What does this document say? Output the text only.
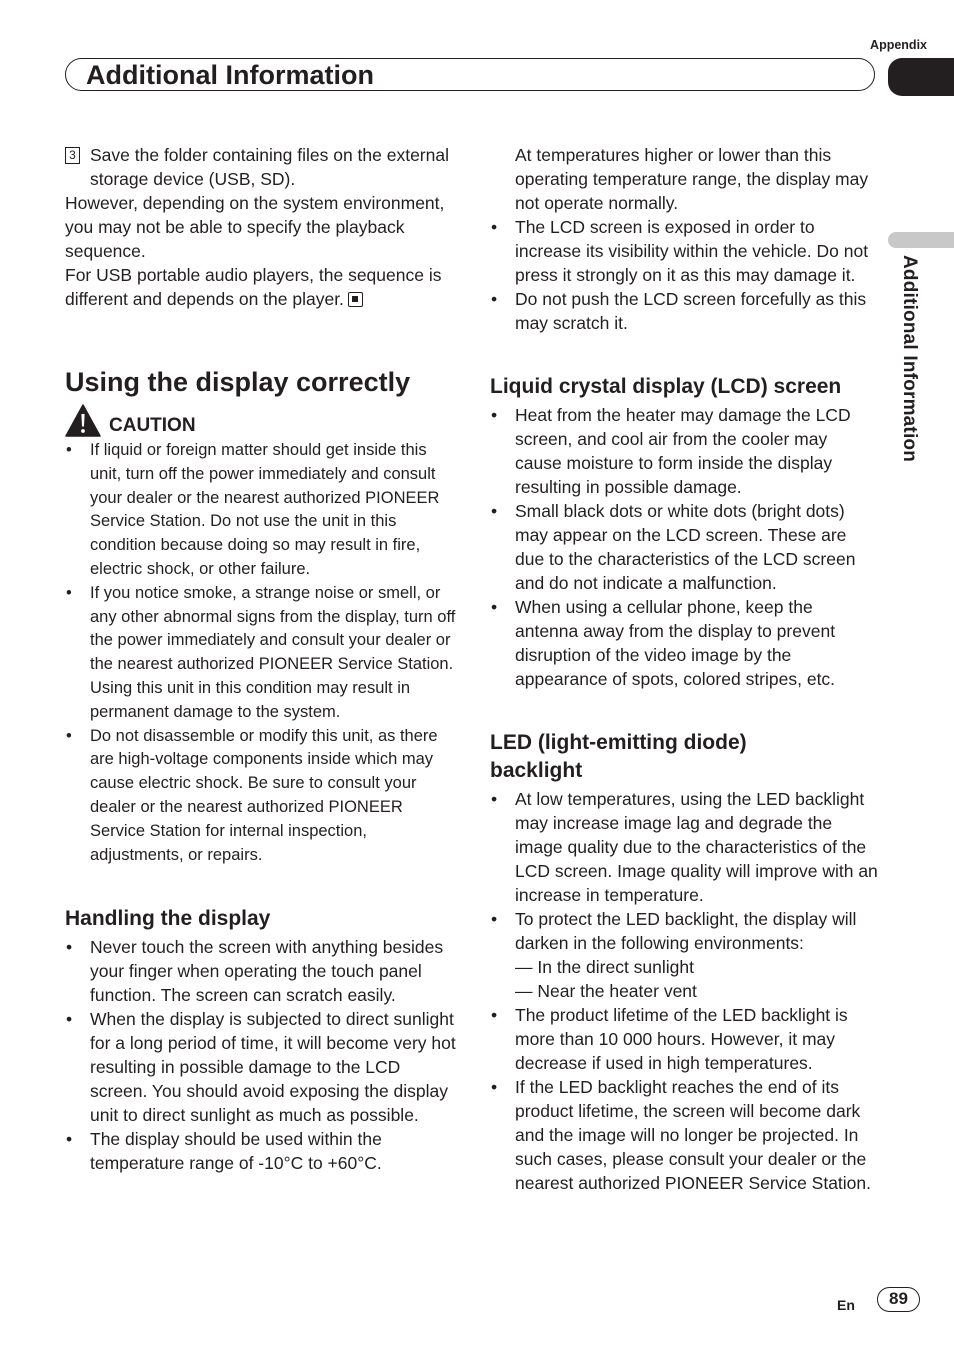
Appendix
Additional Information
Additional Information
3 Save the folder containing files on the external storage device (USB, SD).

However, depending on the system environment, you may not be able to specify the playback sequence.

For USB portable audio players, the sequence is different and depends on the player.

Using the display correctly
CAUTION
• If liquid or foreign matter should get inside this unit, turn off the power immediately and consult your dealer or the nearest authorized PIONEER Service Station. Do not use the unit in this condition because doing so may result in fire, electric shock, or other failure.
• If you notice smoke, a strange noise or smell, or any other abnormal signs from the display, turn off the power immediately and consult your dealer or the nearest authorized PIONEER Service Station. Using this unit in this condition may result in permanent damage to the system.
• Do not disassemble or modify this unit, as there are high-voltage components inside which may cause electric shock. Be sure to consult your dealer or the nearest authorized PIONEER Service Station for internal inspection, adjustments, or repairs.
Handling the display
• Never touch the screen with anything besides your finger when operating the touch panel function. The screen can scratch easily.
• When the display is subjected to direct sunlight for a long period of time, it will become very hot resulting in possible damage to the LCD screen. You should avoid exposing the display unit to direct sunlight as much as possible.
• The display should be used within the temperature range of -10°C to +60°C.

At temperatures higher or lower than this operating temperature range, the display may not operate normally.

• The LCD screen is exposed in order to increase its visibility within the vehicle. Do not press it strongly on it as this may damage it.
• Do not push the LCD screen forcefully as this may scratch it.
Liquid crystal display (LCD) screen
• Heat from the heater may damage the LCD screen, and cool air from the cooler may cause moisture to form inside the display resulting in possible damage.
• Small black dots or white dots (bright dots) may appear on the LCD screen. These are due to the characteristics of the LCD screen and do not indicate a malfunction.
• When using a cellular phone, keep the antenna away from the display to prevent disruption of the video image by the appearance of spots, colored stripes, etc.
LED (light-emitting diode) backlight
• At low temperatures, using the LED backlight may increase image lag and degrade the image quality due to the characteristics of the LCD screen. Image quality will improve with an increase in temperature.
• To protect the LED backlight, the display will darken in the following environments:
— In the direct sunlight
— Near the heater vent
• The product lifetime of the LED backlight is more than 10 000 hours. However, it may decrease if used in high temperatures.
• If the LED backlight reaches the end of its product lifetime, the screen will become dark and the image will no longer be projected. In such cases, please consult your dealer or the nearest authorized PIONEER Service Station.
En	89
